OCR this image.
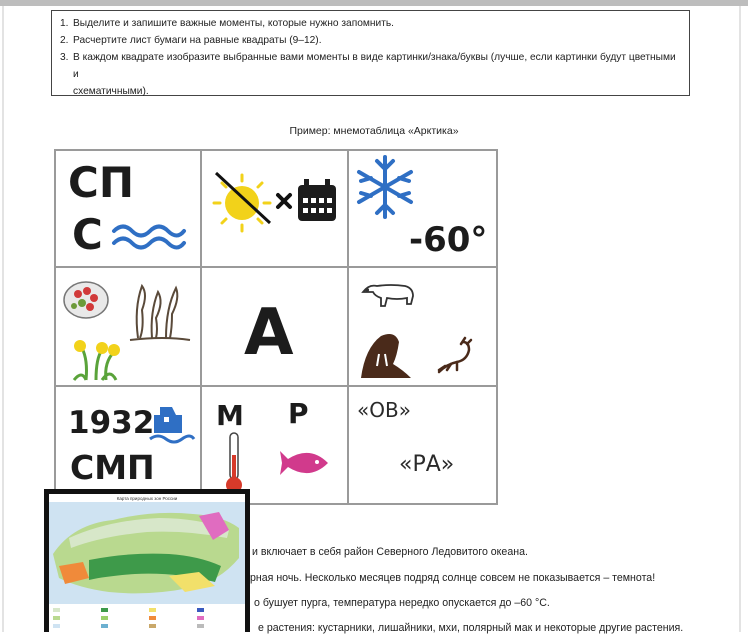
1. Выделите и запишите важные моменты, которые нужно запомнить.
2. Расчертите лист бумаги на равные квадраты (9–12).
3. В каждом квадрате изобразите выбранные вами моменты в виде картинки/знака/буквы (лучше, если картинки будут цветными и
схематичными).
Пример: мнемотаблица «Арктика»
СП
С	-60°
А
1932
СМП
М Р «ОВ»
«РА»
Карта природных зон России
и включает в себя район Северного Ледовитого океана.
рная ночь. Несколько месяцев подряд солнце совсем не показывается – темнота!
о бушует пурга, температура нередко опускается до –60 °C.
е растения: кустарники, лишайники, мхи, полярный мак и некоторые другие растения.
